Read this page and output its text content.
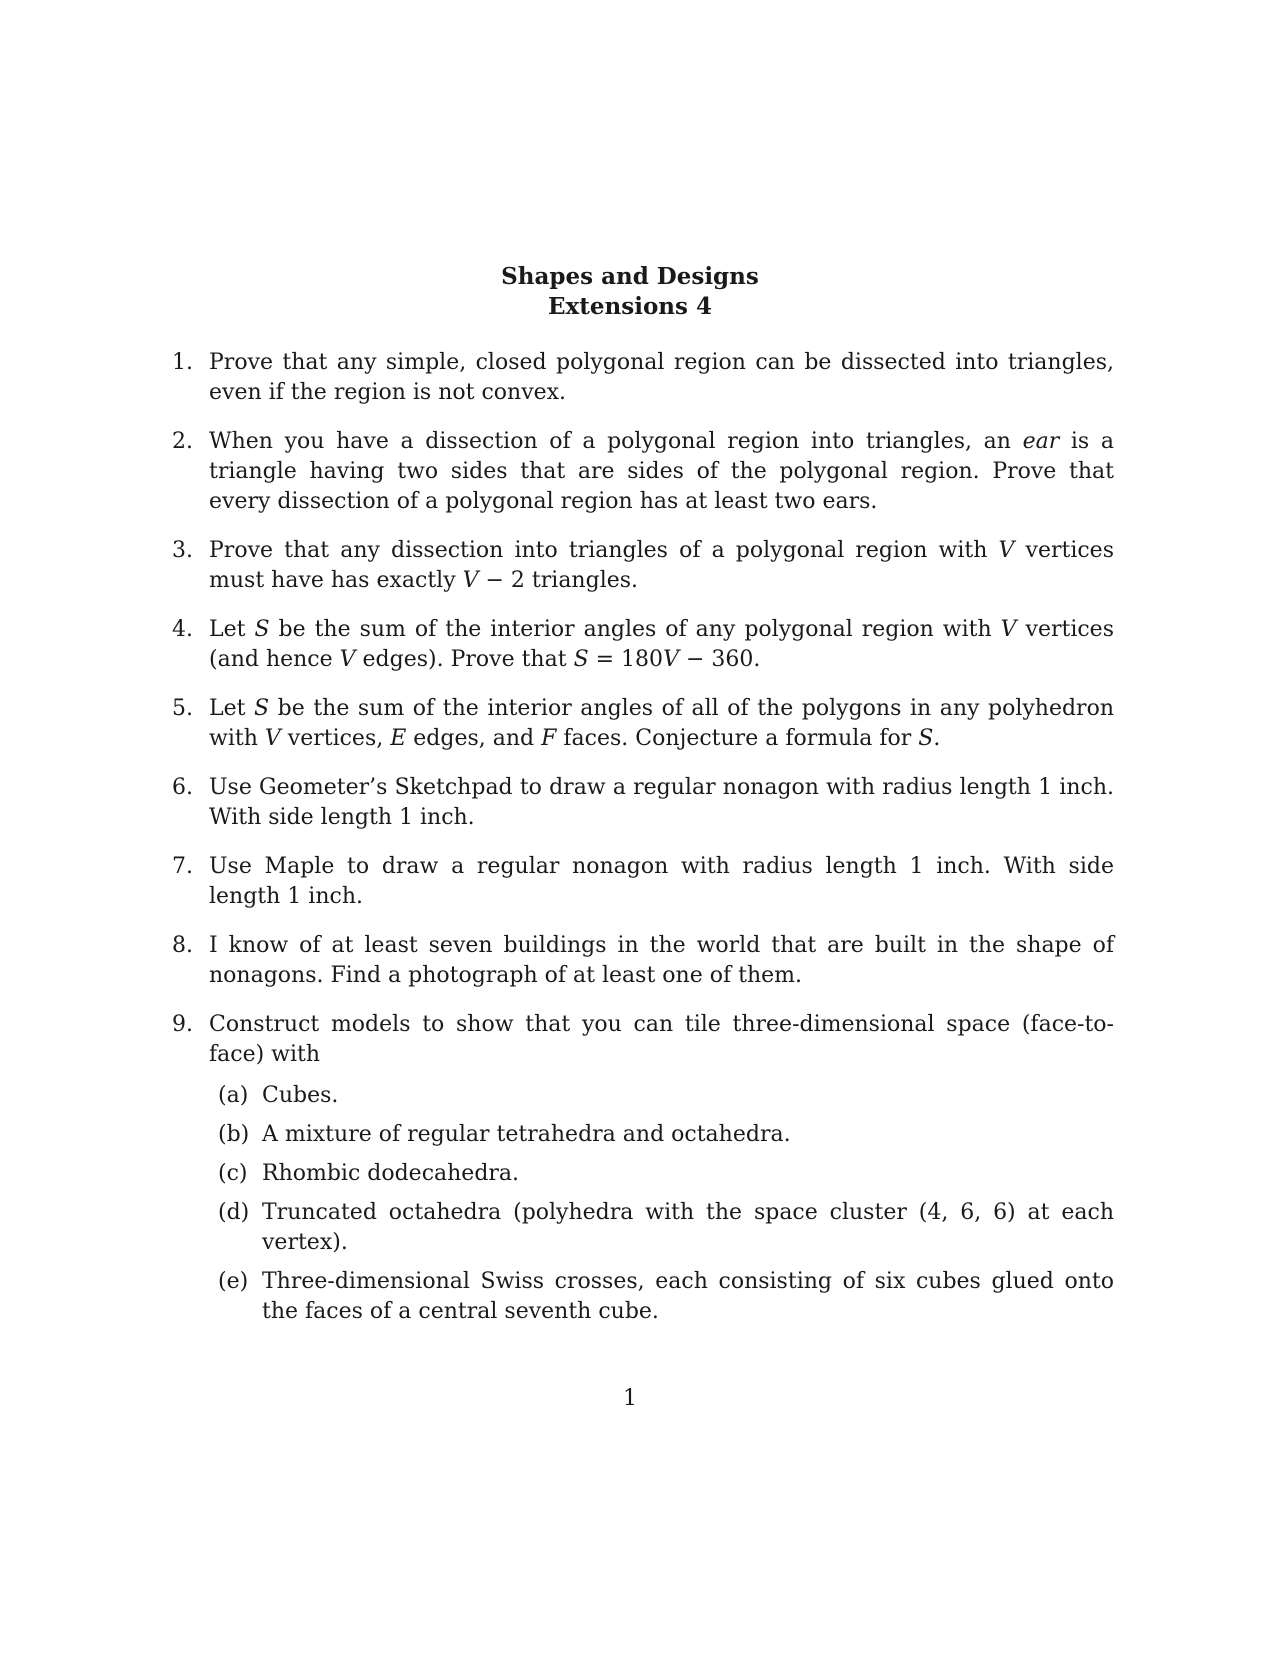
Shapes and Designs
Extensions 4
1. Prove that any simple, closed polygonal region can be dissected into triangles, even if the region is not convex.
2. When you have a dissection of a polygonal region into triangles, an ear is a triangle having two sides that are sides of the polygonal region. Prove that every dissection of a polygonal region has at least two ears.
3. Prove that any dissection into triangles of a polygonal region with V vertices must have has exactly V − 2 triangles.
4. Let S be the sum of the interior angles of any polygonal region with V vertices (and hence V edges). Prove that S = 180V − 360.
5. Let S be the sum of the interior angles of all of the polygons in any polyhedron with V vertices, E edges, and F faces. Conjecture a formula for S.
6. Use Geometer’s Sketchpad to draw a regular nonagon with radius length 1 inch. With side length 1 inch.
7. Use Maple to draw a regular nonagon with radius length 1 inch. With side length 1 inch.
8. I know of at least seven buildings in the world that are built in the shape of nonagons. Find a photograph of at least one of them.
9. Construct models to show that you can tile three-dimensional space (face-to-face) with
(a) Cubes.
(b) A mixture of regular tetrahedra and octahedra.
(c) Rhombic dodecahedra.
(d) Truncated octahedra (polyhedra with the space cluster (4, 6, 6) at each vertex).
(e) Three-dimensional Swiss crosses, each consisting of six cubes glued onto the faces of a central seventh cube.
1
